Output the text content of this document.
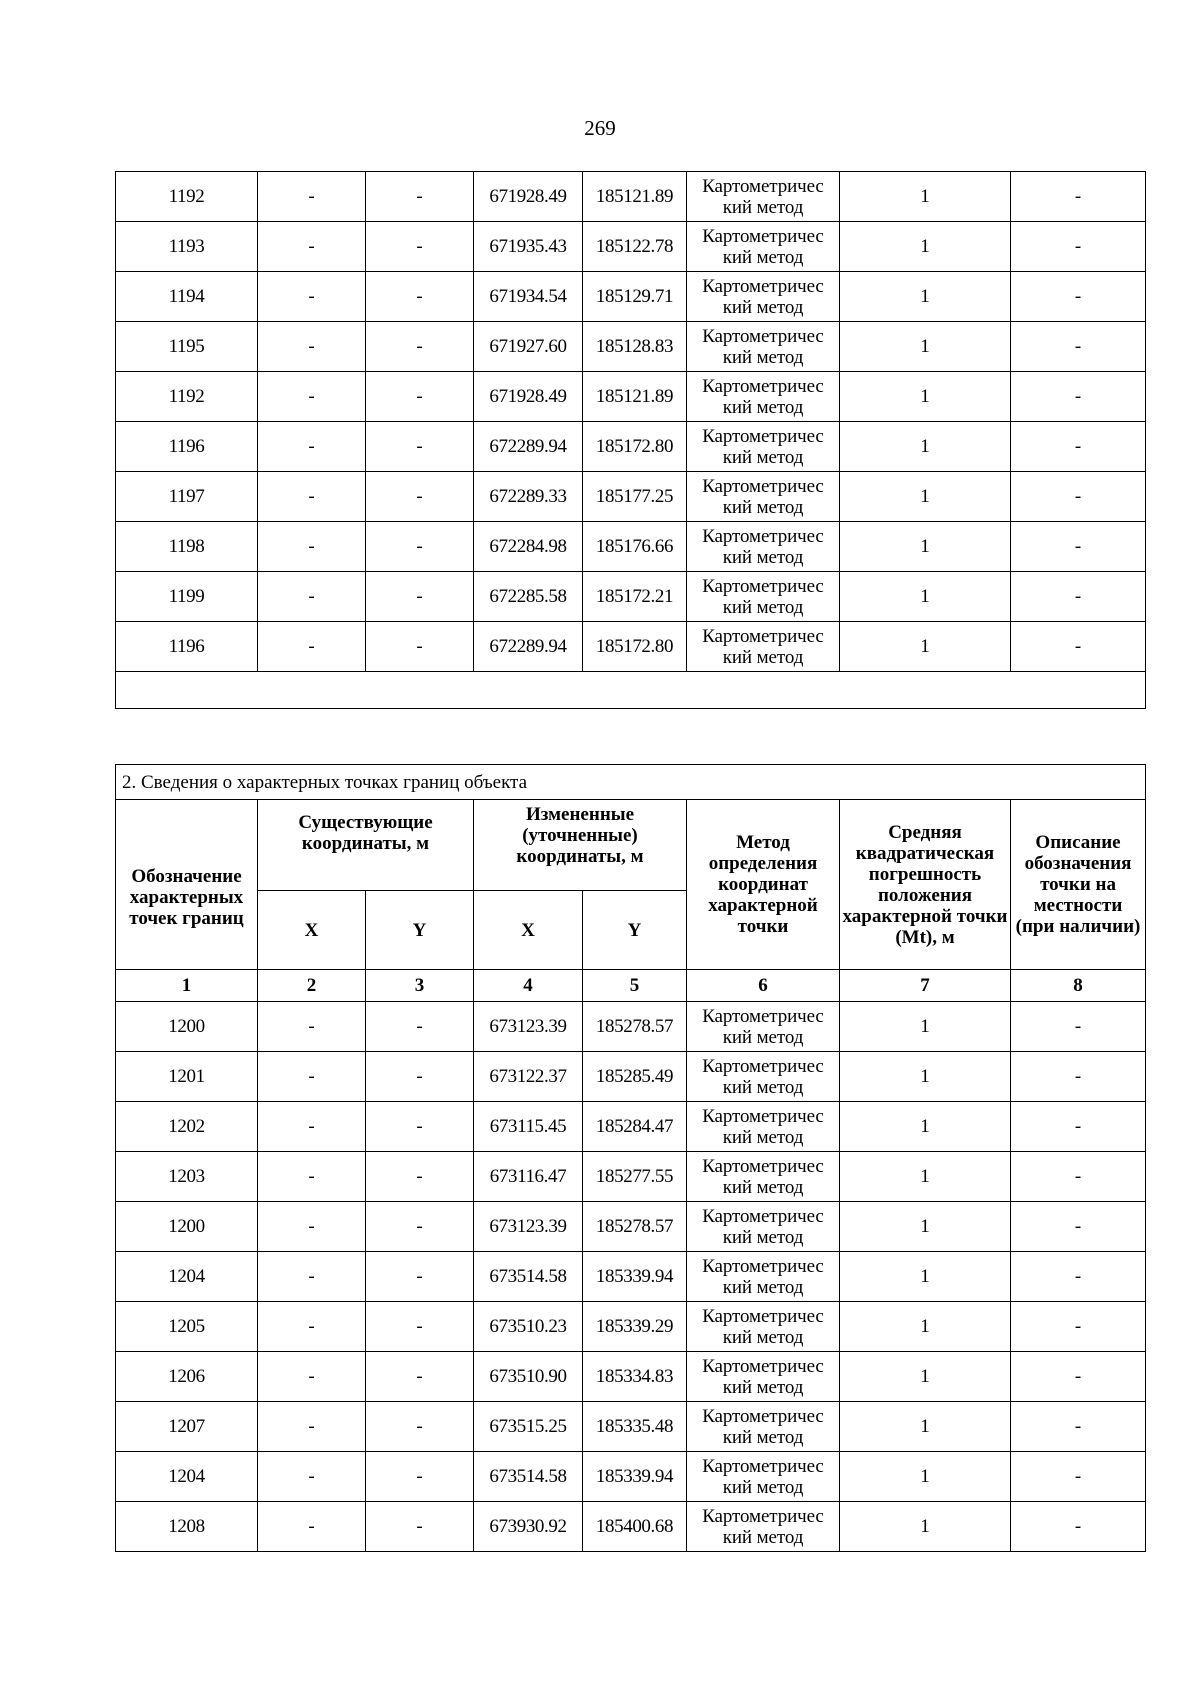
269
1192	-	-	671928.49	185121.89	Картометричес кий метод	1	-
1193	-	-	671935.43	185122.78	Картометричес кий метод	1	-
1194	-	-	671934.54	185129.71	Картометричес кий метод	1	-
1195	-	-	671927.60	185128.83	Картометричес кий метод	1	-
1192	-	-	671928.49	185121.89	Картометричес кий метод	1	-
1196	-	-	672289.94	185172.80	Картометричес кий метод	1	-
1197	-	-	672289.33	185177.25	Картометричес кий метод	1	-
1198	-	-	672284.98	185176.66	Картометричес кий метод	1	-
1199	-	-	672285.58	185172.21	Картометричес кий метод	1	-
1196	-	-	672289.94	185172.80	Картометричес кий метод	1	-

2. Сведения о характерных точках границ объекта							
Обозначение характерных точек границ	Существующие координаты, м		Измененные (уточненные) координаты, м		Метод определения координат характерной точки	Средняя квадратическая погрешность положения характерной точки (Mt), м	Описание обозначения точки на местности (при наличии)
	X	Y	X	Y			
1	2	3	4	5	6	7	8
1200	-	-	673123.39	185278.57	Картометричес кий метод	1	-
1201	-	-	673122.37	185285.49	Картометричес кий метод	1	-
1202	-	-	673115.45	185284.47	Картометричес кий метод	1	-
1203	-	-	673116.47	185277.55	Картометричес кий метод	1	-
1200	-	-	673123.39	185278.57	Картометричес кий метод	1	-
1204	-	-	673514.58	185339.94	Картометричес кий метод	1	-
1205	-	-	673510.23	185339.29	Картометричес кий метод	1	-
1206	-	-	673510.90	185334.83	Картометричес кий метод	1	-
1207	-	-	673515.25	185335.48	Картометричес кий метод	1	-
1204	-	-	673514.58	185339.94	Картометричес кий метод	1	-
1208	-	-	673930.92	185400.68	Картометричес кий метод	1	-
